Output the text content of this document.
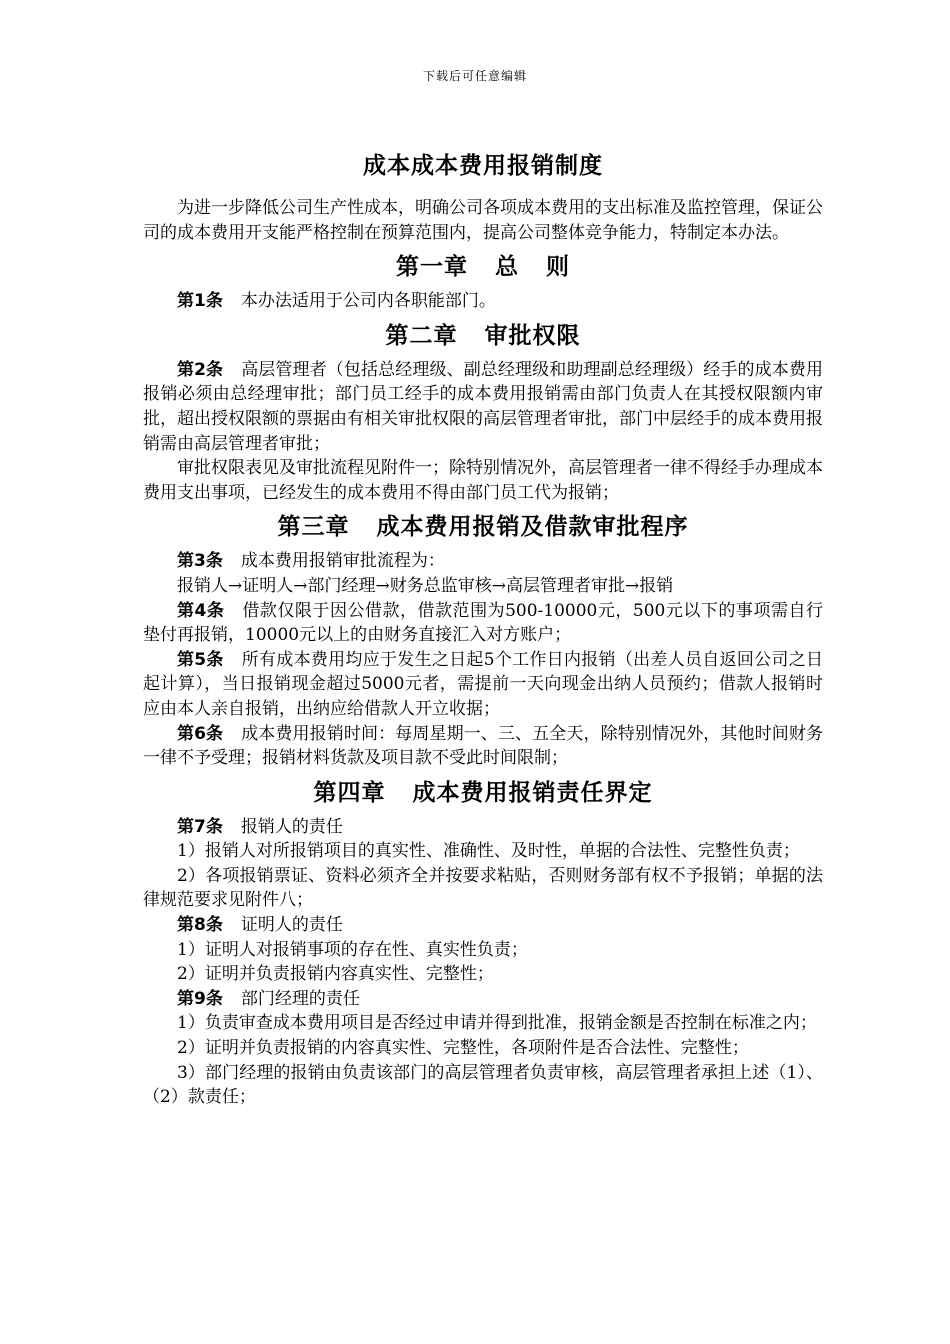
下载后可任意编辑
成本成本费用报销制度

为进一步降低公司生产性成本，明确公司各项成本费用的支出标准及监控管理，保证公司的成本费用开支能严格控制在预算范围内，提高公司整体竞争能力，特制定本办法。

第一章   总   则

第1条 本办法适用于公司内各职能部门。

第二章   审批权限

第2条 高层管理者（包括总经理级、副总经理级和助理副总经理级）经手的成本费用报销必须由总经理审批；部门员工经手的成本费用报销需由部门负责人在其授权限额内审批，超出授权限额的票据由有相关审批权限的高层管理者审批，部门中层经手的成本费用报销需由高层管理者审批；

审批权限表见及审批流程见附件一；除特别情况外，高层管理者一律不得经手办理成本费用支出事项，已经发生的成本费用不得由部门员工代为报销；

第三章   成本费用报销及借款审批程序

第3条 成本费用报销审批流程为：

报销人→证明人→部门经理→财务总监审核→高层管理者审批→报销

第4条 借款仅限于因公借款，借款范围为500-10000元，500元以下的事项需自行垫付再报销，10000元以上的由财务直接汇入对方账户；

第5条 所有成本费用均应于发生之日起5个工作日内报销（出差人员自返回公司之日起计算），当日报销现金超过5000元者，需提前一天向现金出纳人员预约；借款人报销时应由本人亲自报销，出纳应给借款人开立收据；

第6条 成本费用报销时间：每周星期一、三、五全天，除特别情况外，其他时间财务一律不予受理；报销材料货款及项目款不受此时间限制；

第四章   成本费用报销责任界定

第7条 报销人的责任

1）报销人对所报销项目的真实性、准确性、及时性，单据的合法性、完整性负责；

2）各项报销票证、资料必须齐全并按要求粘贴，否则财务部有权不予报销；单据的法律规范要求见附件八；

第8条 证明人的责任

1）证明人对报销事项的存在性、真实性负责；

2）证明并负责报销内容真实性、完整性；

第9条 部门经理的责任

1）负责审查成本费用项目是否经过申请并得到批准，报销金额是否控制在标准之内；

2）证明并负责报销的内容真实性、完整性，各项附件是否合法性、完整性；

3）部门经理的报销由负责该部门的高层管理者负责审核，高层管理者承担上述（1）、（2）款责任；
